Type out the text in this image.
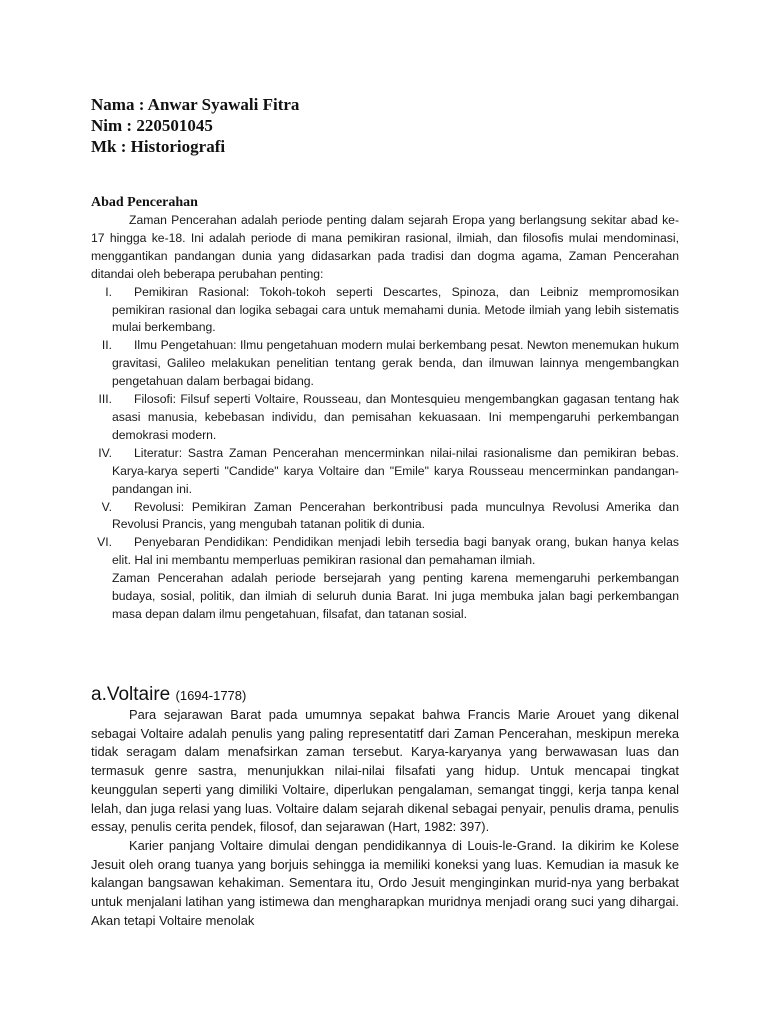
Nama : Anwar Syawali Fitra
Nim : 220501045
Mk : Historiografi
Abad Pencerahan

Zaman Pencerahan adalah periode penting dalam sejarah Eropa yang berlangsung sekitar abad ke-17 hingga ke-18. Ini adalah periode di mana pemikiran rasional, ilmiah, dan filosofis mulai mendominasi, menggantikan pandangan dunia yang didasarkan pada tradisi dan dogma agama, Zaman Pencerahan ditandai oleh beberapa perubahan penting:

I.	Pemikiran Rasional: Tokoh-tokoh seperti Descartes, Spinoza, dan Leibniz mempromosikan pemikiran rasional dan logika sebagai cara untuk memahami dunia. Metode ilmiah yang lebih sistematis mulai berkembang.
II.	Ilmu Pengetahuan: Ilmu pengetahuan modern mulai berkembang pesat. Newton menemukan hukum gravitasi, Galileo melakukan penelitian tentang gerak benda, dan ilmuwan lainnya mengembangkan pengetahuan dalam berbagai bidang.
III.	Filosofi: Filsuf seperti Voltaire, Rousseau, dan Montesquieu mengembangkan gagasan tentang hak asasi manusia, kebebasan individu, dan pemisahan kekuasaan. Ini mempengaruhi perkembangan demokrasi modern.
IV.	Literatur: Sastra Zaman Pencerahan mencerminkan nilai-nilai rasionalisme dan pemikiran bebas. Karya-karya seperti "Candide" karya Voltaire dan "Emile" karya Rousseau mencerminkan pandangan-pandangan ini.
V.	Revolusi: Pemikiran Zaman Pencerahan berkontribusi pada munculnya Revolusi Amerika dan Revolusi Prancis, yang mengubah tatanan politik di dunia.
VI.	Penyebaran Pendidikan: Pendidikan menjadi lebih tersedia bagi banyak orang, bukan hanya kelas elit. Hal ini membantu memperluas pemikiran rasional dan pemahaman ilmiah.

Zaman Pencerahan adalah periode bersejarah yang penting karena memengaruhi perkembangan budaya, sosial, politik, dan ilmiah di seluruh dunia Barat. Ini juga membuka jalan bagi perkembangan masa depan dalam ilmu pengetahuan, filsafat, dan tatanan sosial.

a.Voltaire (1694-1778)

Para sejarawan Barat pada umumnya sepakat bahwa Francis Marie Arouet yang dikenal sebagai Voltaire adalah penulis yang paling representatitf dari Zaman Pencerahan, meskipun mereka tidak seragam dalam menafsirkan zaman tersebut. Karya-karyanya yang berwawasan luas dan termasuk genre sastra, menunjukkan nilai-nilai filsafati yang hidup. Untuk mencapai tingkat keunggulan seperti yang dimiliki Voltaire, diperlukan pengalaman, semangat tinggi, kerja tanpa kenal lelah, dan juga relasi yang luas. Voltaire dalam sejarah dikenal sebagai penyair, penulis drama, penulis essay, penulis cerita pendek, filosof, dan sejarawan (Hart, 1982: 397).

Karier panjang Voltaire dimulai dengan pendidikannya di Louis-le-Grand. Ia dikirim ke Kolese Jesuit oleh orang tuanya yang borjuis sehingga ia memiliki koneksi yang luas. Kemudian ia masuk ke kalangan bangsawan kehakiman. Sementara itu, Ordo Jesuit menginginkan murid-nya yang berbakat untuk menjalani latihan yang istimewa dan mengharapkan muridnya menjadi orang suci yang dihargai. Akan tetapi Voltaire menolak
